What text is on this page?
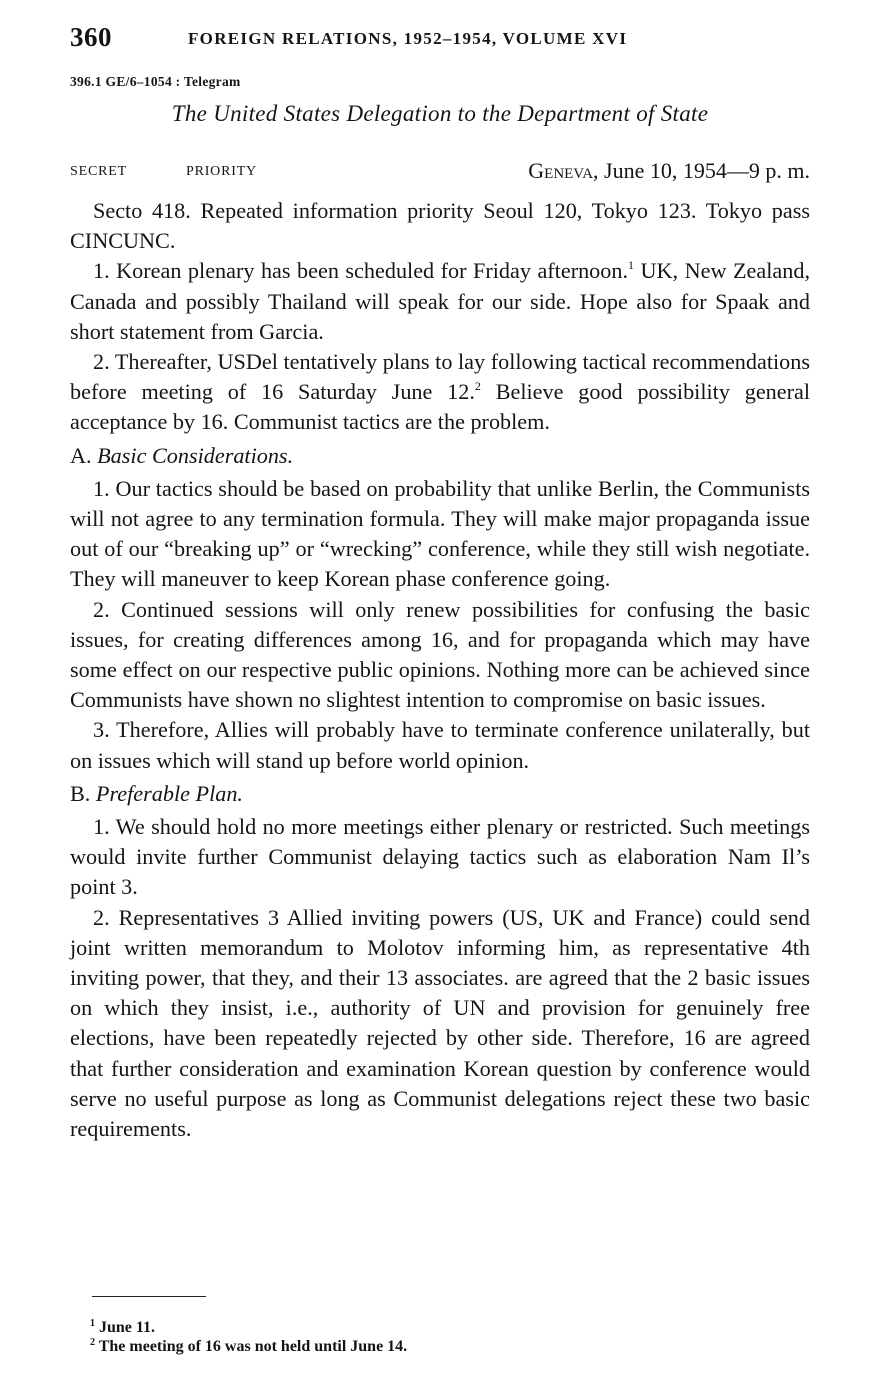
360	FOREIGN RELATIONS, 1952–1954, VOLUME XVI
396.1 GE/6–1054 : Telegram
The United States Delegation to the Department of State
SECRET	PRIORITY	Geneva, June 10, 1954—9 p. m.

Secto 418. Repeated information priority Seoul 120, Tokyo 123. Tokyo pass CINCUNC.

1. Korean plenary has been scheduled for Friday afternoon.$^1$ UK, New Zealand, Canada and possibly Thailand will speak for our side. Hope also for Spaak and short statement from Garcia.

2. Thereafter, USDel tentatively plans to lay following tactical recommendations before meeting of 16 Saturday June 12.$^2$ Believe good possibility general acceptance by 16. Communist tactics are the problem.

A. Basic Considerations.

1. Our tactics should be based on probability that unlike Berlin, the Communists will not agree to any termination formula. They will make major propaganda issue out of our “breaking up” or “wrecking” conference, while they still wish negotiate. They will maneuver to keep Korean phase conference going.

2. Continued sessions will only renew possibilities for confusing the basic issues, for creating differences among 16, and for propaganda which may have some effect on our respective public opinions. Nothing more can be achieved since Communists have shown no slightest intention to compromise on basic issues.

3. Therefore, Allies will probably have to terminate conference unilaterally, but on issues which will stand up before world opinion.

B. Preferable Plan.

1. We should hold no more meetings either plenary or restricted. Such meetings would invite further Communist delaying tactics such as elaboration Nam Il’s point 3.

2. Representatives 3 Allied inviting powers (US, UK and France) could send joint written memorandum to Molotov informing him, as representative 4th inviting power, that they, and their 13 associates. are agreed that the 2 basic issues on which they insist, i.e., authority of UN and provision for genuinely free elections, have been repeatedly rejected by other side. Therefore, 16 are agreed that further consideration and examination Korean question by conference would serve no useful purpose as long as Communist delegations reject these two basic requirements.

$^1$ June 11.
$^2$ The meeting of 16 was not held until June 14.
